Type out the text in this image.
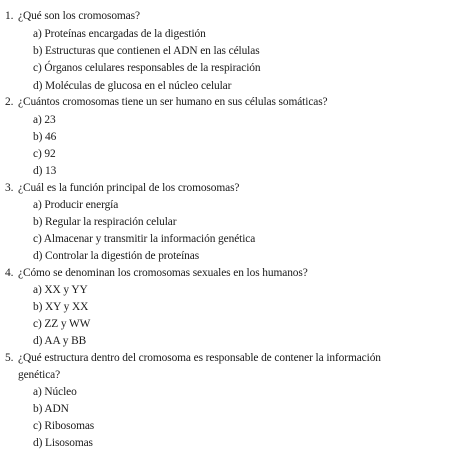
1. ¿Qué son los cromosomas?
a) Proteínas encargadas de la digestión
b) Estructuras que contienen el ADN en las células
c) Órganos celulares responsables de la respiración
d) Moléculas de glucosa en el núcleo celular
2. ¿Cuántos cromosomas tiene un ser humano en sus células somáticas?
a) 23
b) 46
c) 92
d) 13
3. ¿Cuál es la función principal de los cromosomas?
a) Producir energía
b) Regular la respiración celular
c) Almacenar y transmitir la información genética
d) Controlar la digestión de proteínas
4. ¿Cómo se denominan los cromosomas sexuales en los humanos?
a) XX y YY
b) XY y XX
c) ZZ y WW
d) AA y BB
5. ¿Qué estructura dentro del cromosoma es responsable de contener la información
genética?
a) Núcleo
b) ADN
c) Ribosomas
d) Lisosomas
